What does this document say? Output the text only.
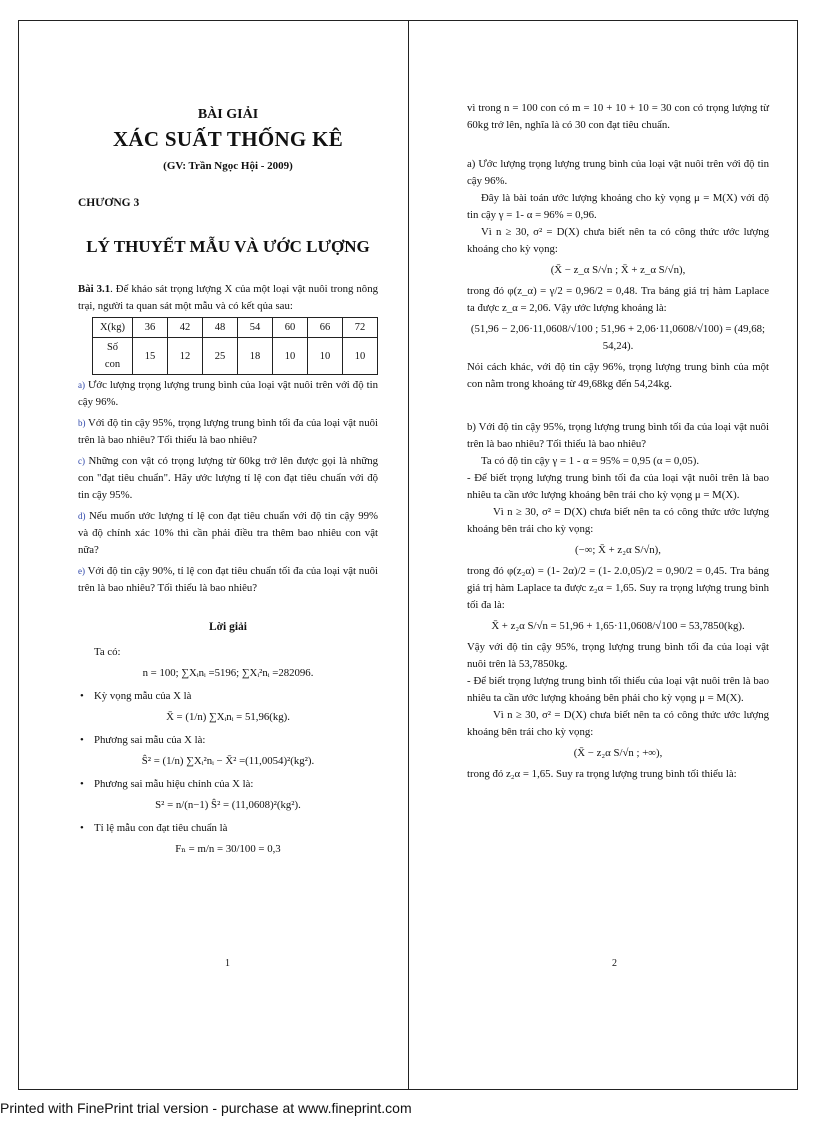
BÀI GIẢI
XÁC SUẤT THỐNG KÊ
(GV: Trần Ngọc Hội - 2009)
CHƯƠNG 3
LÝ THUYẾT MẪU VÀ ƯỚC LƯỢNG

Bài 3.1. Để khảo sát trọng lượng X của một loại vật nuôi trong nông trại, người ta quan sát một mẫu và có kết qủa sau:

X(kg)	36	42	48	54	60	66	72
Số con	15	12	25	18	10	10	10

a) Ước lượng trọng lượng trung bình của loại vật nuôi trên với độ tin cậy 96%.

b) Với độ tin cậy 95%, trọng lượng trung bình tối đa của loại vật nuôi trên là bao nhiêu? Tối thiểu là bao nhiêu?

c) Những con vật có trọng lượng từ 60kg trở lên được gọi là những con "đạt tiêu chuẩn". Hãy ước lượng tỉ lệ con đạt tiêu chuẩn với độ tin cậy 95%.

d) Nếu muốn ước lượng tỉ lệ con đạt tiêu chuẩn với độ tin cậy 99% và độ chính xác 10% thì cần phải điều tra thêm bao nhiêu con vật nữa?

e) Với độ tin cậy 90%, tỉ lệ con đạt tiêu chuẩn tối đa của loại vật nuôi trên là bao nhiêu? Tối thiểu là bao nhiêu?

Lời giải

Ta có:

n = 100; ∑Xᵢnᵢ =5196; ∑Xᵢ²nᵢ =282096.
• Kỳ vọng mẫu của X là
X̄ = (1/n) ∑Xᵢnᵢ = 51,96(kg).
• Phương sai mẫu của X là:
Ŝ² = (1/n) ∑Xᵢ²nᵢ − X̄² =(11,0054)²(kg²).
• Phương sai mẫu hiệu chỉnh của X là:
S² = n/(n−1) Ŝ² = (11,0608)²(kg²).
• Tỉ lệ mẫu con đạt tiêu chuẩn là
Fₙ = m/n = 30/100 = 0,3
1

vì trong n = 100 con có m = 10 + 10 + 10 = 30 con có trọng lượng từ 60kg trở lên, nghĩa là có 30 con đạt tiêu chuẩn.

a) Ước lượng trọng lượng trung bình của loại vật nuôi trên với độ tin cậy 96%.

Đây là bài toán ước lượng khoảng cho kỳ vọng μ = M(X) với độ tin cậy γ = 1- α = 96% = 0,96.

Vì n ≥ 30, σ² = D(X) chưa biết nên ta có công thức ước lượng khoảng cho kỳ vọng:

(X̄ − z_α S/√n ; X̄ + z_α S/√n),

trong đó φ(z_α) = γ/2 = 0,96/2 = 0,48. Tra bảng giá trị hàm Laplace ta được z_α = 2,06. Vậy ước lượng khoảng là:

(51,96 − 2,06·11,0608/√100 ; 51,96 + 2,06·11,0608/√100) = (49,68; 54,24).

Nói cách khác, với độ tin cậy 96%, trọng lượng trung bình của một con nằm trong khoảng từ 49,68kg đến 54,24kg.

b) Với độ tin cậy 95%, trọng lượng trung bình tối đa của loại vật nuôi trên là bao nhiêu? Tối thiểu là bao nhiêu?

Ta có độ tin cậy γ = 1 - α = 95% = 0,95 (α = 0,05).

- Để biết trọng lượng trung bình tối đa của loại vật nuôi trên là bao nhiêu ta cần ước lượng khoảng bên trái cho kỳ vọng μ = M(X).

Vì n ≥ 30, σ² = D(X) chưa biết nên ta có công thức ước lượng khoảng bên trái cho kỳ vọng:

(−∞; X̄ + z₂α S/√n),

trong đó φ(z₂α) = (1- 2α)/2 = (1- 2.0,05)/2 = 0,90/2 = 0,45. Tra bảng giá trị hàm Laplace ta được z₂α = 1,65. Suy ra trọng lượng trung bình tối đa là:

X̄ + z₂α S/√n = 51,96 + 1,65·11,0608/√100 = 53,7850(kg).

Vậy với độ tin cậy 95%, trọng lượng trung bình tối đa của loại vật nuôi trên là 53,7850kg.

- Để biết trọng lượng trung bình tối thiểu của loại vật nuôi trên là bao nhiêu ta cần ước lượng khoảng bên phải cho kỳ vọng μ = M(X).

Vì n ≥ 30, σ² = D(X) chưa biết nên ta có công thức ước lượng khoảng bên trái cho kỳ vọng:

(X̄ − z₂α S/√n ; +∞),

trong đó z₂α = 1,65. Suy ra trọng lượng trung bình tối thiểu là:

2
Printed with FinePrint trial version - purchase at www.fineprint.com
